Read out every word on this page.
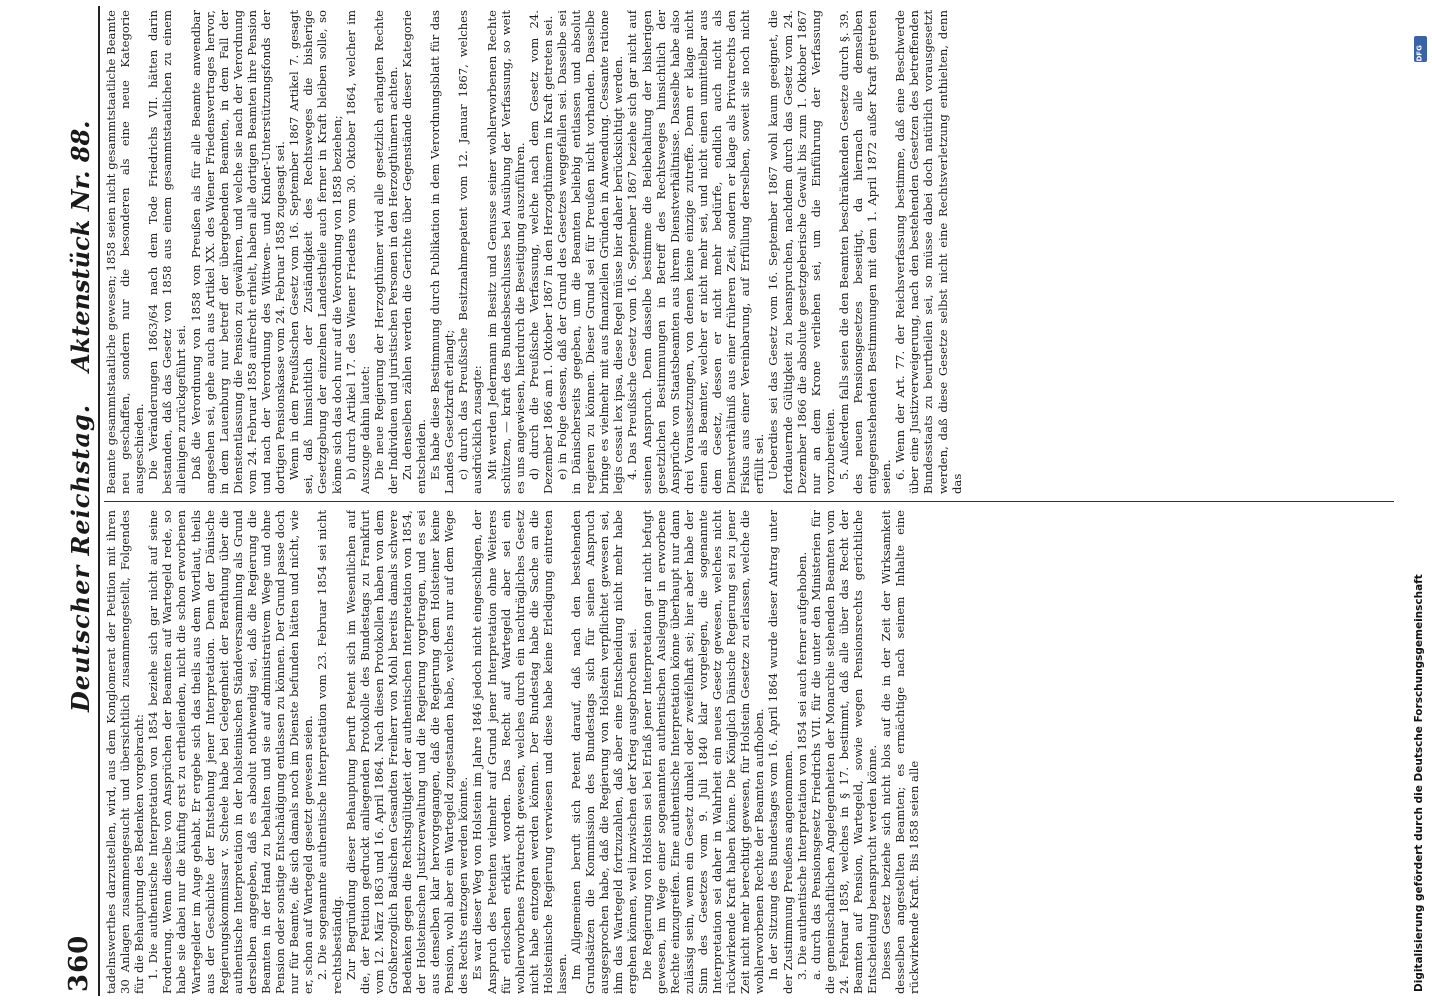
360
Deutscher Reichstag.
Aktenstück Nr. 88.

tadelnswerthes darzustellen, wird, aus dem Konglomerat der Petition mit ihren 30 Anlagen zusammengesucht und übersichtlich zusammengestellt, Folgendes für die Behauptung des Bedenken vorgebracht: 1. Die authentische Interpretation von 1854 beziehe sich gar nicht auf seine Forderung. Wenn dieselbe von Ansprüchen der Beamten auf Wartegeld rede, so habe sie dabei nur die künftig erst zu ertheilenden, nicht die schon erworbenen Wartegelder im Auge gehabt. Er ergebe sich das theils aus dem Wortlaut, theils aus der Geschichte der Entstehung jener Interpretation. Denn der Dänische Regierungskommissar v. Scheele habe bei Gelegenheit der Berathung über die authentische Interpretation in der holsteinischen Ständeversammlung als Grund derselben angegeben, daß es absolut nothwendig sei, daß die Regierung die Beamten in der Hand zu behalten und sie auf administrativem Wege und ohne Pension oder sonstige Entschädigung entlassen zu können. Der Grund passe doch nur für Beamte, die sich damals noch im Dienste befunden hätten und nicht, wie er, schon auf Wartegeld gesetzt gewesen seien. 2. Die sogenannte authentische Interpretation vom 23. Februar 1854 sei nicht rechtsbeständig. Zur Begründung dieser Behauptung beruft Petent sich im Wesentlichen auf die, der Petition gedruckt anliegenden Protokolle des Bundestags zu Frankfurt vom 12. März 1863 und 16. April 1864. Nach diesen Protokollen haben von dem Großherzoglich Badischen Gesandten Freiherr von Mohl bereits damals schwere Bedenken gegen die Rechtsgültigkeit der authentischen Interpretation von 1854, der Holsteinschen Justizverwaltung und die Regierung vorgetragen, und es sei aus denselben klar hervorgegangen, daß die Regierung dem Holsteiner keine Pension, wohl aber ein Wartegeld zugestanden habe, welches nur auf dem Wege des Rechts entzogen werden könnte. Es war dieser Weg von Holstein im Jahre 1846 jedoch nicht eingeschlagen, der Anspruch des Petenten vielmehr auf Grund jener Interpretation ohne Weiteres für erloschen erklärt worden. Das Recht auf Wartegeld aber sei ein wohlerworbenes Privatrecht gewesen, welches durch ein nachträgliches Gesetz nicht habe entzogen werden können. Der Bundestag habe die Sache an die Holsteinische Regierung verwiesen und diese habe keine Erledigung eintreten lassen. Im Allgemeinen beruft sich Petent darauf, daß nach den bestehenden Grundsätzen die Kommission des Bundestags sich für seinen Anspruch ausgesprochen habe, daß die Regierung von Holstein verpflichtet gewesen sei, ihm das Wartegeld fortzuzahlen, daß aber eine Entscheidung nicht mehr habe ergehen können, weil inzwischen der Krieg ausgebrochen sei. Die Regierung von Holstein sei bei Erlaß jener Interpretation gar nicht befugt gewesen, im Wege einer sogenannten authentischen Auslegung in erworbene Rechte einzugreifen. Eine authentische Interpretation könne überhaupt nur dann zulässig sein, wenn ein Gesetz dunkel oder zweifelhaft sei; hier aber habe der Sinn des Gesetzes vom 9. Juli 1840 klar vorgelegen, die sogenannte Interpretation sei daher in Wahrheit ein neues Gesetz gewesen, welches nicht rückwirkende Kraft haben könne. Die Königlich Dänische Regierung sei zu jener Zeit nicht mehr berechtigt gewesen, für Holstein Gesetze zu erlassen, welche die wohlerworbenen Rechte der Beamten aufhoben. In der Sitzung des Bundestages vom 16. April 1864 wurde dieser Antrag unter der Zustimmung Preußens angenommen. 3. Die authentische Interpretation von 1854 sei auch ferner aufgehoben. a. durch das Pensionsgesetz Friedrichs VII. für die unter den Ministerien für die gemeinschaftlichen Angelegenheiten der Monarchie stehenden Beamten vom 24. Februar 1858, welches in § 17. bestimmt, daß alle über das Recht der Beamten auf Pension, Wartegeld, sowie wegen Pensionsrechts gerichtliche Entscheidung beansprucht werden könne. Dieses Gesetz beziehe sich nicht blos auf die in der Zeit der Wirksamkeit desselben angestellten Beamten; es ermächtige nach seinem Inhalte eine rückwirkende Kraft. Bis 1858 seien alle

Beamte gesammtstaatliche gewesen; 1858 seien nicht gesammtstaatliche Beamte neu geschaffen, sondern nur die besonderen als eine neue Kategorie ausgeschieden. Die Veränderungen 1863/64 nach dem Tode Friedrichs VII. hätten darin bestanden, daß das Gesetz von 1858 aus einem gesammtstaatlichen zu einem alleinigen zurückgeführt sei. Daß die Verordnung von 1858 von Preußen als für alle Beamte anwendbar angesehen sei, gehe auch aus Artikel XX. des Wiener Friedensvertrages hervor, in dem Lauenburg nur betreff der übergebenden Beamten, in dem Fall der Dienstentlassung die Pension zu gewähren, und welche sie nach der Verordnung vom 24. Februar 1858 aufrecht erhielt, haben alle dortigen Beamten ihre Pension und nach der Verordnung des Wittwen- und Kinder-Unterstützungsfonds der dortigen Pensionskasse vom 24. Februar 1858 zugesagt sei. Wenn in dem Preußischen Gesetz vom 16. September 1867 Artikel 7. gesagt sei, daß hinsichtlich der Zuständigkeit des Rechtsweges die bisherige Gesetzgebung der einzelnen Landestheile auch ferner in Kraft bleiben solle, so könne sich das doch nur auf die Verordnung von 1858 beziehen; b) durch Artikel 17. des Wiener Friedens vom 30. Oktober 1864, welcher im Auszuge dahin lautet: Die neue Regierung der Herzogthümer wird alle gesetzlich erlangten Rechte der Individuen und juristischen Personen in den Herzogthümern achten. Zu denselben zählen werden die Gerichte über Gegenstände dieser Kategorie entscheiden. Es habe diese Bestimmung durch Publikation in dem Verordnungsblatt für das Landes Gesetzkraft erlangt; c) durch das Preußische Besitznahmepatent vom 12. Januar 1867, welches ausdrücklich zusagte: Mit werden Jedermann im Besitz und Genusse seiner wohlerworbenen Rechte schützen, — kraft des Bundesbeschlusses bei Ausübung der Verfassung, so weit es uns angewiesen, hierdurch die Beseitigung auszuführen. d) durch die Preußische Verfassung, welche nach dem Gesetz vom 24. Dezember 1866 am 1. Oktober 1867 in den Herzogthümern in Kraft getreten sei. e) in Folge dessen, daß der Grund des Gesetzes weggefallen sei. Dasselbe sei in Dänischerseits gegeben, um die Beamten beliebig entlassen und absolut regieren zu können. Dieser Grund sei für Preußen nicht vorhanden. Dasselbe bringe es vielmehr mit aus finanziellen Gründen in Anwendung. Cessante ratione legis cessat lex ipsa, diese Regel müsse hier daher berücksichtigt werden. 4. Das Preußische Gesetz vom 16. September 1867 beziehe sich gar nicht auf seinen Anspruch. Denn dasselbe bestimme die Beibehaltung der bisherigen gesetzlichen Bestimmungen in Betreff des Rechtsweges hinsichtlich der Ansprüche von Staatsbeamten aus ihrem Dienstverhältnisse. Dasselbe habe also drei Voraussetzungen, von denen keine einzige zutreffe. Denn er klage nicht einen als Beamter, welcher er nicht mehr sei, und nicht einen unmittelbar aus dem Gesetz, dessen er nicht mehr bedürfe, endlich auch nicht als Dienstverhältniß aus einer früheren Zeit, sondern er klage als Privatrechts den Fiskus aus einer Vereinbarung, auf Erfüllung derselben, soweit sie noch nicht erfüllt sei. Ueberdies sei das Gesetz vom 16. September 1867 wohl kaum geeignet, die fortdauernde Gültigkeit zu beanspruchen, nachdem durch das Gesetz vom 24. Dezember 1866 die absolute gesetzgeberische Gewalt bis zum 1. Oktober 1867 nur an dem Krone verliehen sei, um die Einführung der Verfassung vorzubereiten. 5. Außerdem falls seien die den Beamten beschränkenden Gesetze durch §. 39. des neuen Pensionsgesetzes beseitigt, da hiernach alle demselben entgegenstehenden Bestimmungen mit dem 1. April 1872 außer Kraft getreten seien. 6. Wenn der Art. 77. der Reichsverfassung bestimme, daß eine Beschwerde über eine Justizverweigerung, nach den bestehenden Gesetzen des betreffenden Bundesstaats zu beurtheilen sei, so müsse dabei doch natürlich vorausgesetzt werden, daß diese Gesetze selbst nicht eine Rechtsverletzung enthielten, denn das

Digitalisierung gefördert durch die Deutsche Forschungsgemeinschaft
DFG
